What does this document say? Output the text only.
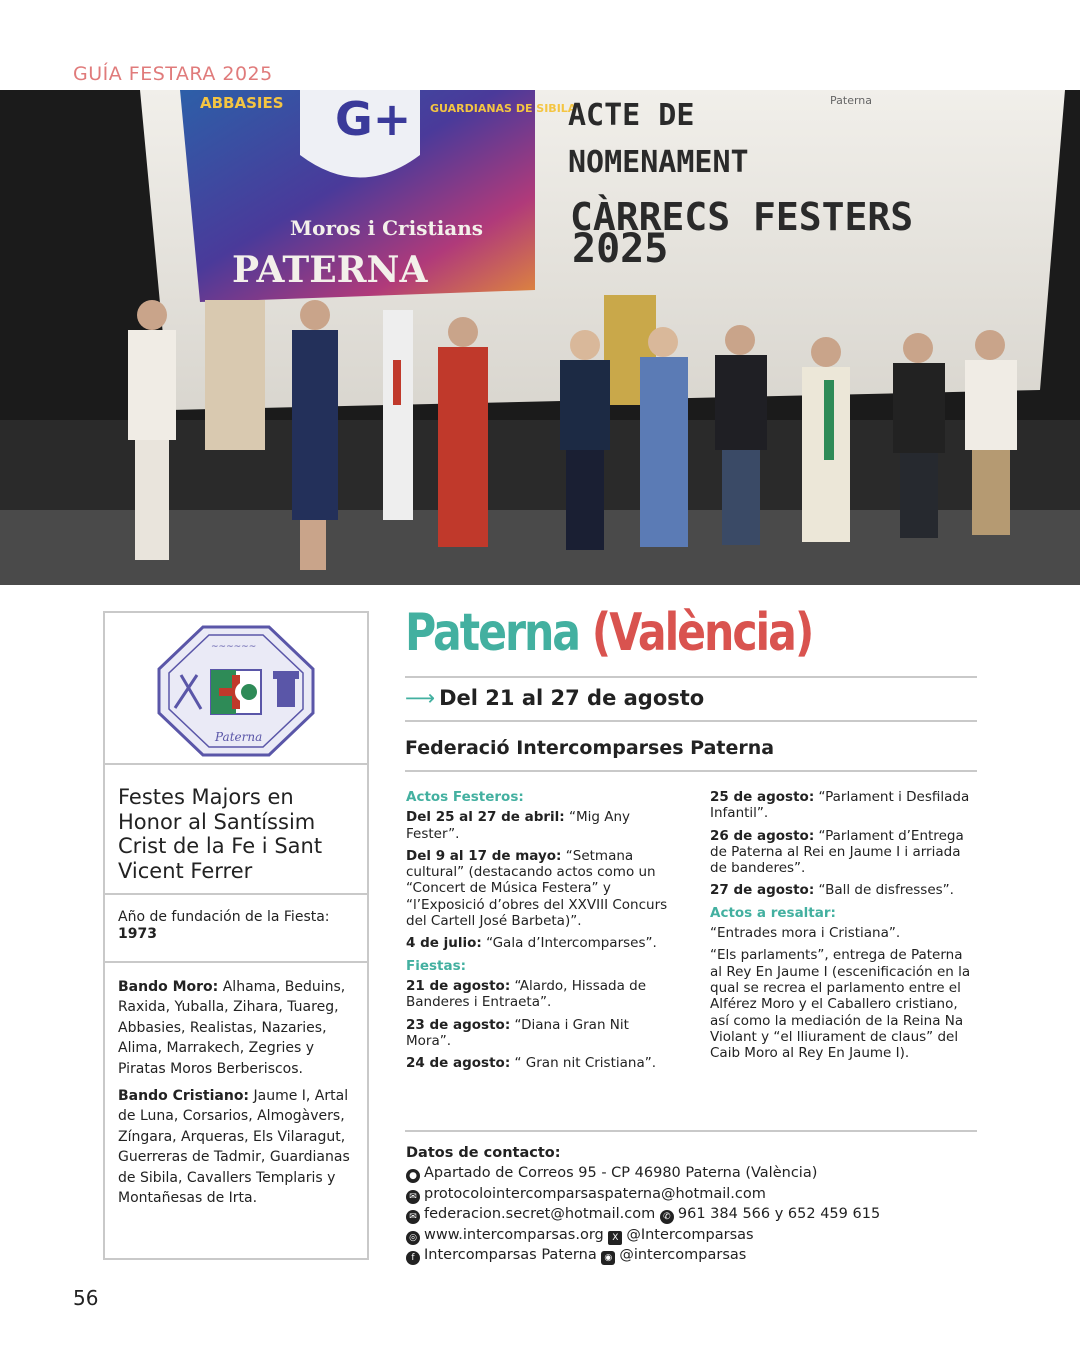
GUÍA FESTARA 2025
G+
ABBASIES	GUARDIANAS DE SIBILA
Moros i Cristians
PATERNA
ACTE DE
NOMENAMENT
CÀRRECS FESTERS
2025
Paterna
~~~~~~
Paterna
Festes Majors en Honor al Santíssim Crist de la Fe i Sant Vicent Ferrer
Año de fundación de la Fiesta: 1973

Bando Moro: Alhama, Beduins, Raxida, Yuballa, Zihara, Tuareg, Abbasies, Realistas, Nazaries, Alima, Marrakech, Zegries y Piratas Moros Berberiscos.

Bando Cristiano: Jaume I, Artal de Luna, Corsarios, Almogàvers, Zíngara, Arqueras, Els Vilaragut, Guerreras de Tadmir, Guardianas de Sibila, Cavallers Templaris y Montañesas de Irta.

Paterna (València)
⟶ Del 21 al 27 de agosto
Federació Intercomparses Paterna

Actos Festeros:

Del 25 al 27 de abril: “Mig Any Fester”.

Del 9 al 17 de mayo: “Setmana cultural” (destacando actos como un “Concert de Música Festera” y “l’Exposició d’obres del XXVIII Concurs del Cartell José Barbeta)”.

4 de julio: “Gala d’Intercomparses”.

Fiestas:

21 de agosto: “Alardo, Hissada de Banderes i Entraeta”.

23 de agosto: “Diana i Gran Nit Mora”.

24 de agosto: “ Gran nit Cristiana”.

25 de agosto: “Parlament i Desfilada Infantil”.

26 de agosto: “Parlament d’Entrega de Paterna al Rei en Jaume I i arriada de banderes”.

27 de agosto: “Ball de disfresses”.

Actos a resaltar:

“Entrades mora i Cristiana”.

“Els parlaments”, entrega de Paterna al Rey En Jaume I (escenificación en la qual se recrea el parlamento entre el Alférez Moro y el Caballero cristiano, así como la mediación de la Reina Na Violant y “el lliurament de claus” del Caib Moro al Rey En Jaume I).

Datos de contacto:
● Apartado de Correos 95 - CP 46980 Paterna (València)
✉ protocolointercomparsaspaterna@hotmail.com
✉ federacion.secret@hotmail.com ✆ 961 384 566 y 652 459 615
◎ www.intercomparsas.org X @Intercomparsas
f Intercomparsas Paterna ◉ @intercomparsas
56
